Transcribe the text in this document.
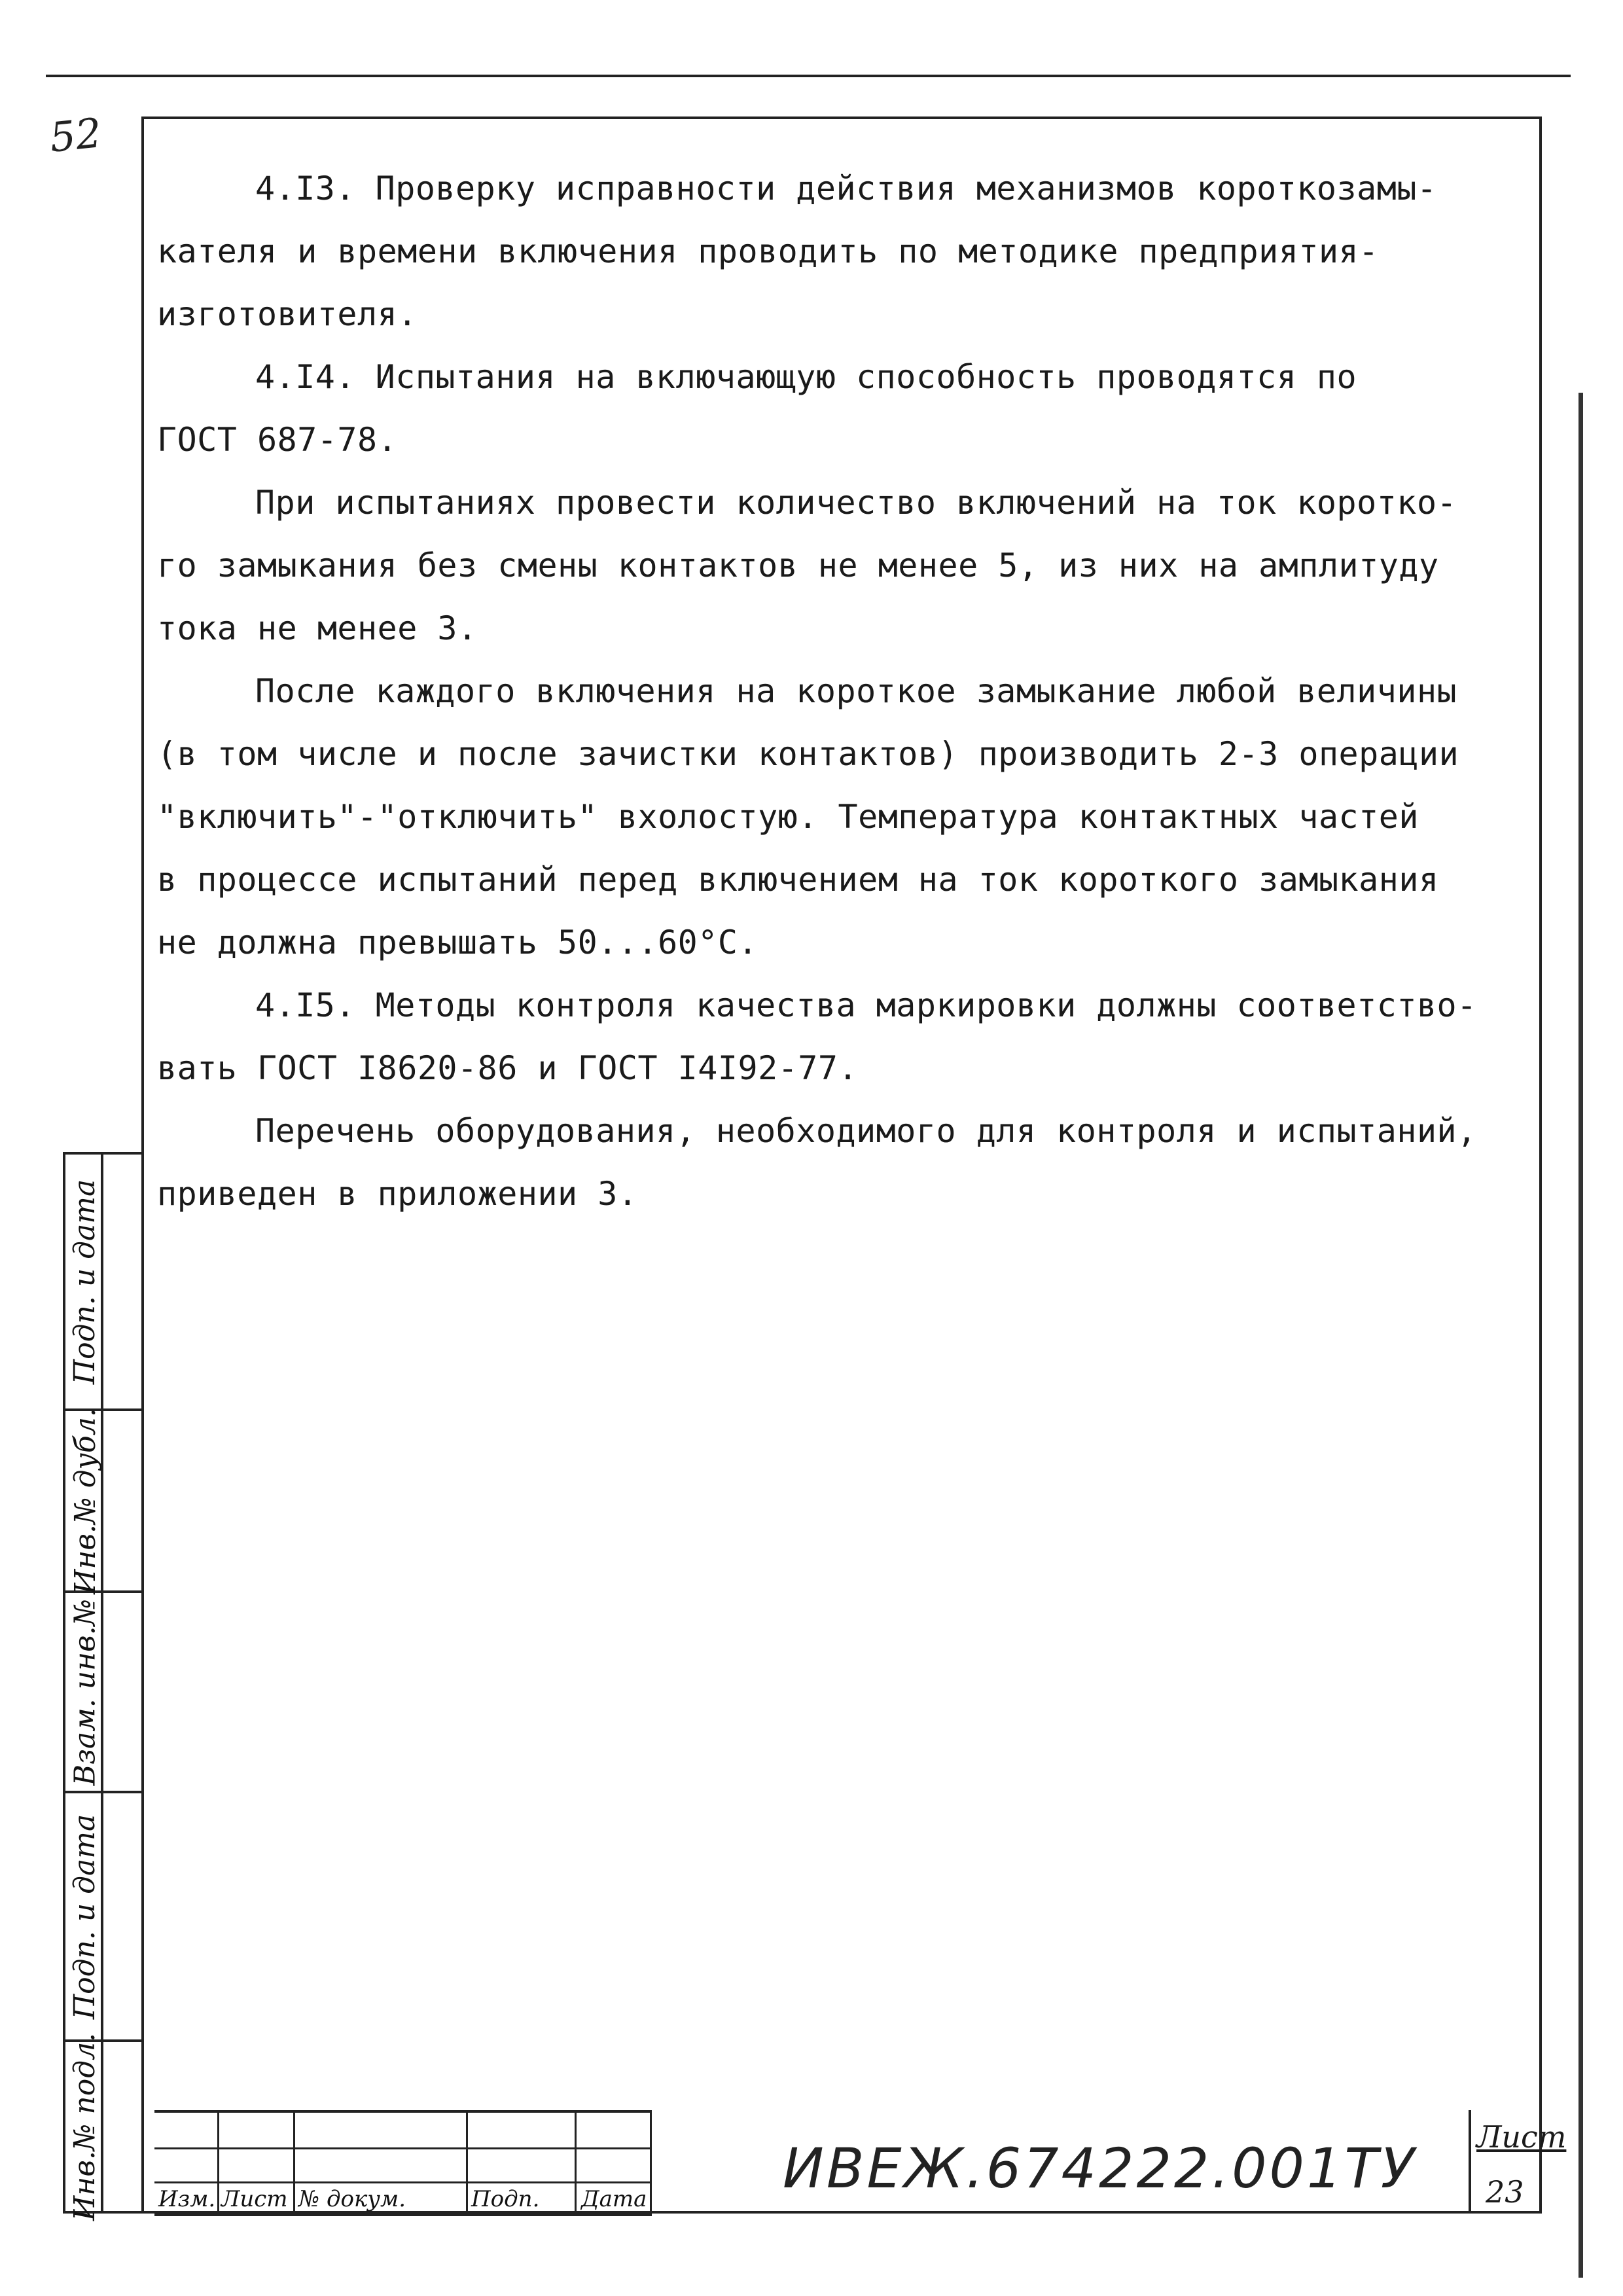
52

4.I3. Проверку исправности действия механизмов короткозамы-

кателя и времени включения проводить по методике предприятия-

изготовителя.

4.I4. Испытания на включающую способность проводятся по

ГОСТ 687-78.

При испытаниях провести количество включений на ток коротко-

го замыкания без смены контактов не менее 5, из них на амплитуду

тока не менее 3.

После каждого включения на короткое замыкание любой величины

(в том числе и после зачистки контактов) производить 2-3 операции

"включить"-"отключить" вхолостую. Температура контактных частей

в процессе испытаний перед включением на ток короткого замыкания

не должна превышать 50...60°С.

4.I5. Методы контроля качества маркировки должны соответство-

вать ГОСТ I8620-86 и ГОСТ I4I92-77.

Перечень оборудования, необходимого для контроля и испытаний,

приведен в приложении 3.

Подп. и дата
Инв.№ дубл.
Взам. инв.№
Подп. и дата
Инв.№ подл.	Изм. Лист № докум.	Подп. Дата ИВЕЖ.674222.001ТУ Лист
23
